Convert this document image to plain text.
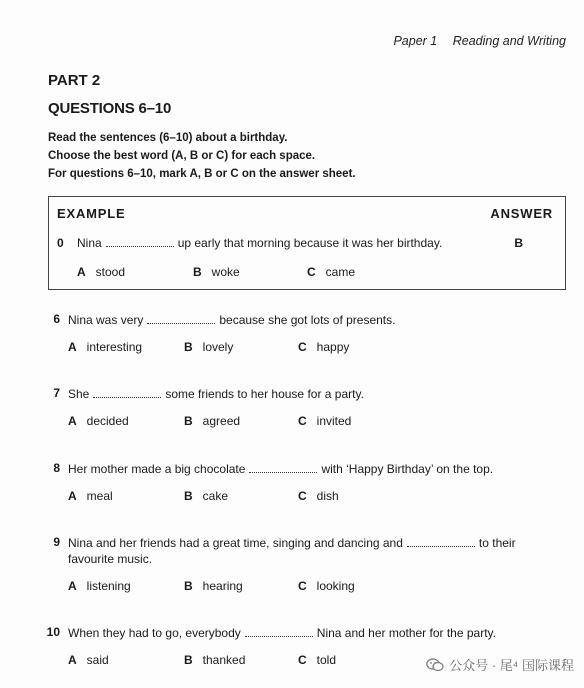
Paper 1 Reading and Writing
PART 2
QUESTIONS 6–10
Read the sentences (6–10) about a birthday.
Choose the best word (A, B or C) for each space.
For questions 6–10, mark A, B or C on the answer sheet.
EXAMPLE	ANSWER
0 Nina	up early that morning because it was her birthday.	B
A stood	B woke	C came
6 Nina was very	because she got lots of presents.
A interesting	B lovely	C happy
7 She	some friends to her house for a party.
A decided	B agreed	C invited
8 Her mother made a big chocolate	with ‘Happy Birthday’ on the top.
A meal	B cake	C dish
9 Nina and her friends had a great time, singing and dancing and	to their
favourite music.
A listening	B hearing	C looking
10 When they had to go, everybody	Nina and her mother for the party.
A said	B thanked	C told	公众号 · 尾⁴ 国际课程
